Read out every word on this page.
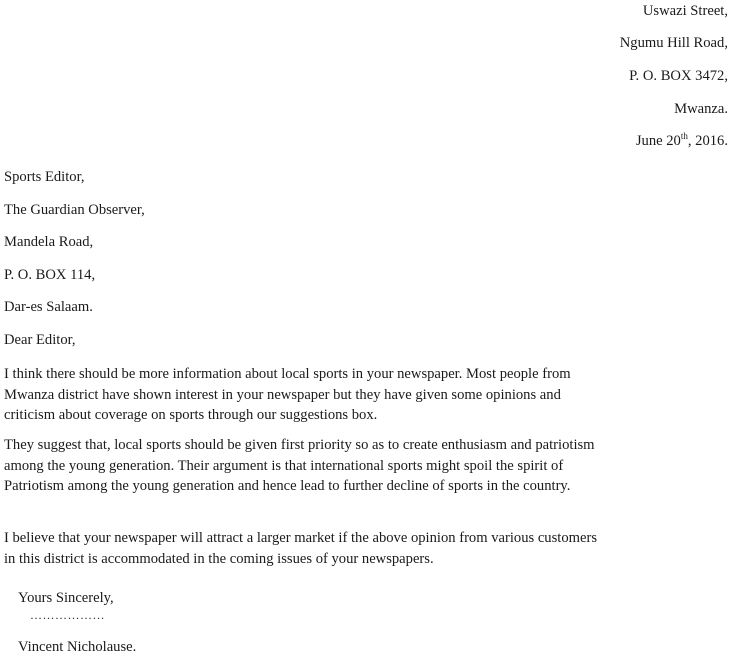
Uswazi Street,
Ngumu Hill Road,
P. O. BOX 3472,
Mwanza.
June 20th, 2016.
Sports Editor,
The Guardian Observer,
Mandela Road,
P. O. BOX 114,
Dar-es Salaam.
Dear Editor,
I think there should be more information about local sports in your newspaper. Most people from Mwanza district have shown interest in your newspaper but they have given some opinions and criticism about coverage on sports through our suggestions box.
They suggest that, local sports should be given first priority so as to create enthusiasm and patriotism among the young generation. Their argument is that international sports might spoil the spirit of Patriotism among the young generation and hence lead to further decline of sports in the country.
I believe that your newspaper will attract a larger market if the above opinion from various customers in this district is accommodated in the coming issues of your newspapers.
Yours Sincerely,
………………
Vincent Nicholause.
